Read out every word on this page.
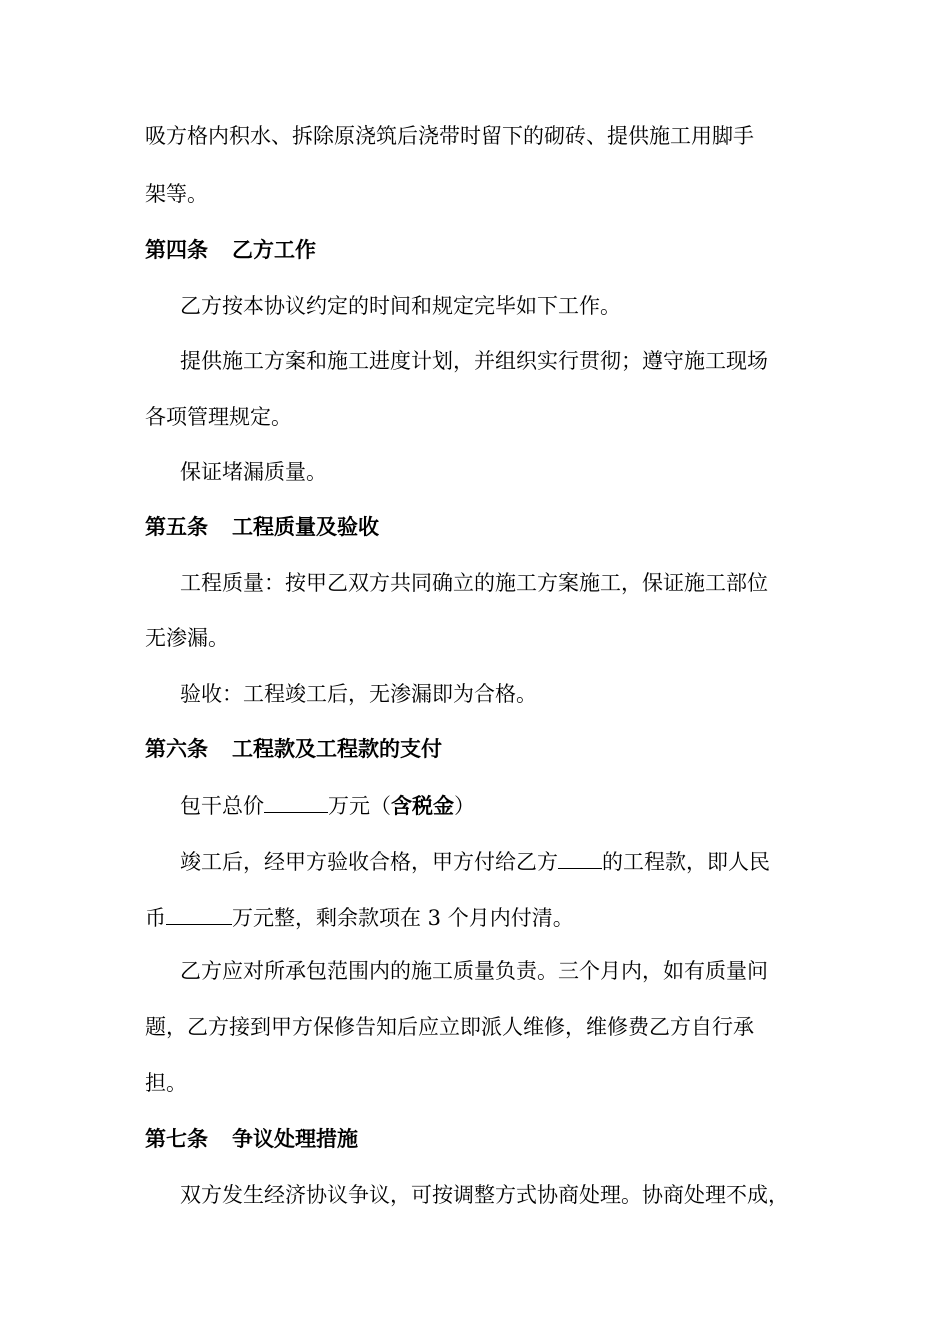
吸方格内积水、拆除原浇筑后浇带时留下的砌砖、提供施工用脚手
架等。
第四条 乙方工作
乙方按本协议约定的时间和规定完毕如下工作。
提供施工方案和施工进度计划，并组织实行贯彻；遵守施工现场
各项管理规定。
保证堵漏质量。
第五条 工程质量及验收
工程质量：按甲乙双方共同确立的施工方案施工，保证施工部位
无渗漏。
验收：工程竣工后，无渗漏即为合格。
第六条 工程款及工程款的支付
包干总价	万元（含税金）
竣工后，经甲方验收合格，甲方付给乙方 的工程款，即人民
币	万元整，剩余款项在 3 个月内付清。
乙方应对所承包范围内的施工质量负责。三个月内，如有质量问
题，乙方接到甲方保修告知后应立即派人维修，维修费乙方自行承
担。
第七条 争议处理措施
双方发生经济协议争议，可按调整方式协商处理。协商处理不成，
